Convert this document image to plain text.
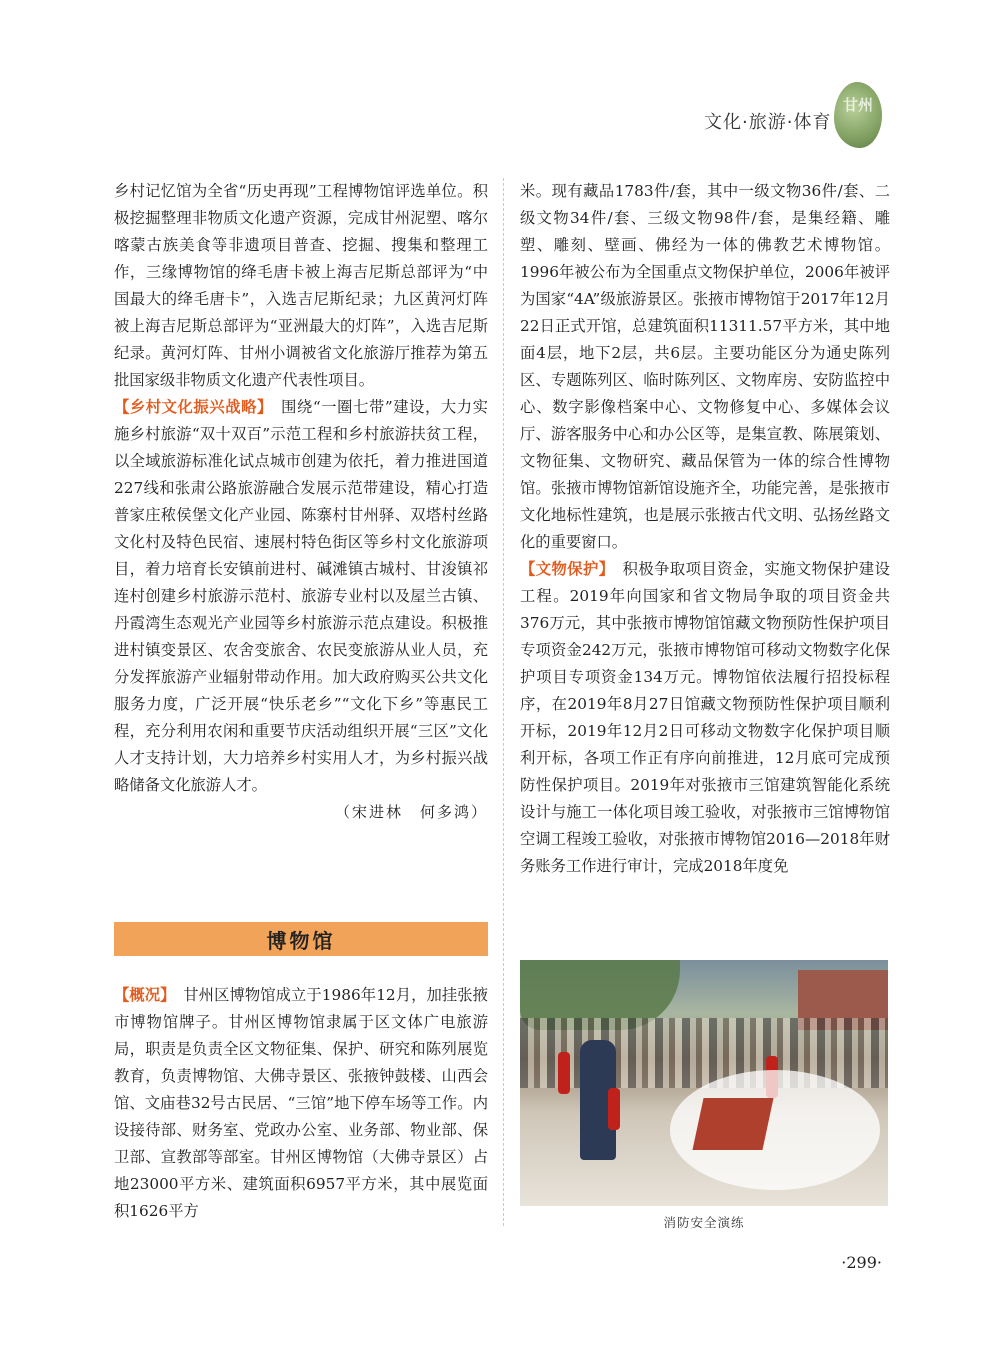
文化·旅游·体育
甘州

乡村记忆馆为全省“历史再现”工程博物馆评选单位。积极挖掘整理非物质文化遗产资源，完成甘州泥塑、喀尔喀蒙古族美食等非遗项目普查、挖掘、搜集和整理工作，三缘博物馆的绛毛唐卡被上海吉尼斯总部评为“中国最大的绛毛唐卡”，入选吉尼斯纪录；九区黄河灯阵被上海吉尼斯总部评为“亚洲最大的灯阵”，入选吉尼斯纪录。黄河灯阵、甘州小调被省文化旅游厅推荐为第五批国家级非物质文化遗产代表性项目。

【乡村文化振兴战略】　 围绕“一圈七带”建设，大力实施乡村旅游“双十双百”示范工程和乡村旅游扶贫工程，以全域旅游标准化试点城市创建为依托，着力推进国道227线和张肃公路旅游融合发展示范带建设，精心打造普家庄秾侯堡文化产业园、陈寨村甘州驿、双塔村丝路文化村及特色民宿、速展村特色街区等乡村文化旅游项目，着力培育长安镇前进村、碱滩镇古城村、甘浚镇祁连村创建乡村旅游示范村、旅游专业村以及屋兰古镇、丹霞湾生态观光产业园等乡村旅游示范点建设。积极推进村镇变景区、农舍变旅舍、农民变旅游从业人员，充分发挥旅游产业辐射带动作用。加大政府购买公共文化服务力度，广泛开展“快乐老乡”“文化下乡”等惠民工程，充分利用农闲和重要节庆活动组织开展“三区”文化人才支持计划，大力培养乡村实用人才，为乡村振兴战略储备文化旅游人才。

（宋进林　何多鸿）

博物馆

【概况】　 甘州区博物馆成立于1986年12月，加挂张掖市博物馆牌子。甘州区博物馆隶属于区文体广电旅游局，职责是负责全区文物征集、保护、研究和陈列展览教育，负责博物馆、大佛寺景区、张掖钟鼓楼、山西会馆、文庙巷32号古民居、“三馆”地下停车场等工作。内设接待部、财务室、党政办公室、业务部、物业部、保卫部、宣教部等部室。甘州区博物馆（大佛寺景区）占地23000平方米、建筑面积6957平方米，其中展览面积1626平方

米。现有藏品1783件/套，其中一级文物36件/套、二级文物34件/套、三级文物98件/套，是集经籍、雕塑、雕刻、壁画、佛经为一体的佛教艺术博物馆。1996年被公布为全国重点文物保护单位，2006年被评为国家“4A”级旅游景区。张掖市博物馆于2017年12月22日正式开馆，总建筑面积11311.57平方米，其中地面4层，地下2层，共6层。主要功能区分为通史陈列区、专题陈列区、临时陈列区、文物库房、安防监控中心、数字影像档案中心、文物修复中心、多媒体会议厅、游客服务中心和办公区等，是集宣教、陈展策划、文物征集、文物研究、藏品保管为一体的综合性博物馆。张掖市博物馆新馆设施齐全，功能完善，是张掖市文化地标性建筑，也是展示张掖古代文明、弘扬丝路文化的重要窗口。

【文物保护】　 积极争取项目资金，实施文物保护建设工程。2019年向国家和省文物局争取的项目资金共376万元，其中张掖市博物馆馆藏文物预防性保护项目专项资金242万元，张掖市博物馆可移动文物数字化保护项目专项资金134万元。博物馆依法履行招投标程序，在2019年8月27日馆藏文物预防性保护项目顺利开标，2019年12月2日可移动文物数字化保护项目顺利开标，各项工作正有序向前推进，12月底可完成预防性保护项目。2019年对张掖市三馆建筑智能化系统设计与施工一体化项目竣工验收，对张掖市三馆博物馆空调工程竣工验收，对张掖市博物馆2016—2018年财务账务工作进行审计，完成2018年度免

消防安全演练
·299·
